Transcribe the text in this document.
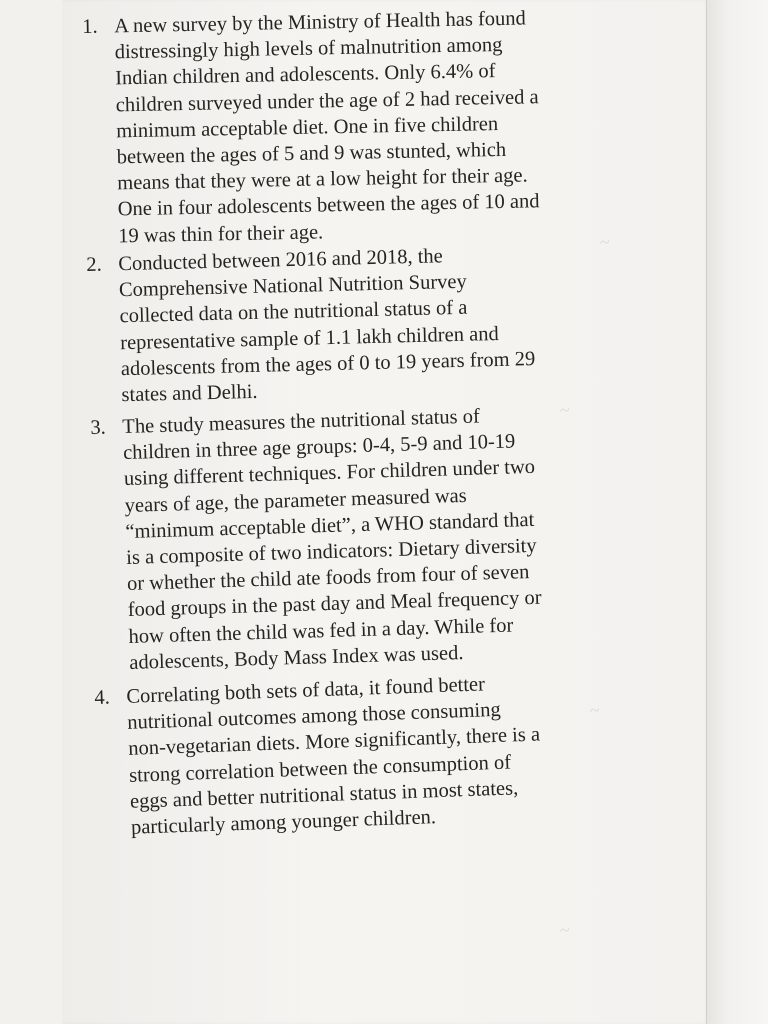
~
~
~
~
1. A new survey by the Ministry of Health has found
distressingly high levels of malnutrition among
Indian children and adolescents. Only 6.4% of
children surveyed under the age of 2 had received a
minimum acceptable diet. One in five children
between the ages of 5 and 9 was stunted, which
means that they were at a low height for their age.
One in four adolescents between the ages of 10 and
19 was thin for their age.
2. Conducted between 2016 and 2018, the
Comprehensive National Nutrition Survey
collected data on the nutritional status of a
representative sample of 1.1 lakh children and
adolescents from the ages of 0 to 19 years from 29
states and Delhi.
3. The study measures the nutritional status of
children in three age groups: 0-4, 5-9 and 10-19
using different techniques. For children under two
years of age, the parameter measured was
“minimum acceptable diet”, a WHO standard that
is a composite of two indicators: Dietary diversity
or whether the child ate foods from four of seven
food groups in the past day and Meal frequency or
how often the child was fed in a day. While for
adolescents, Body Mass Index was used.
4. Correlating both sets of data, it found better
nutritional outcomes among those consuming
non-vegetarian diets. More significantly, there is a
strong correlation between the consumption of
eggs and better nutritional status in most states,
particularly among younger children.
